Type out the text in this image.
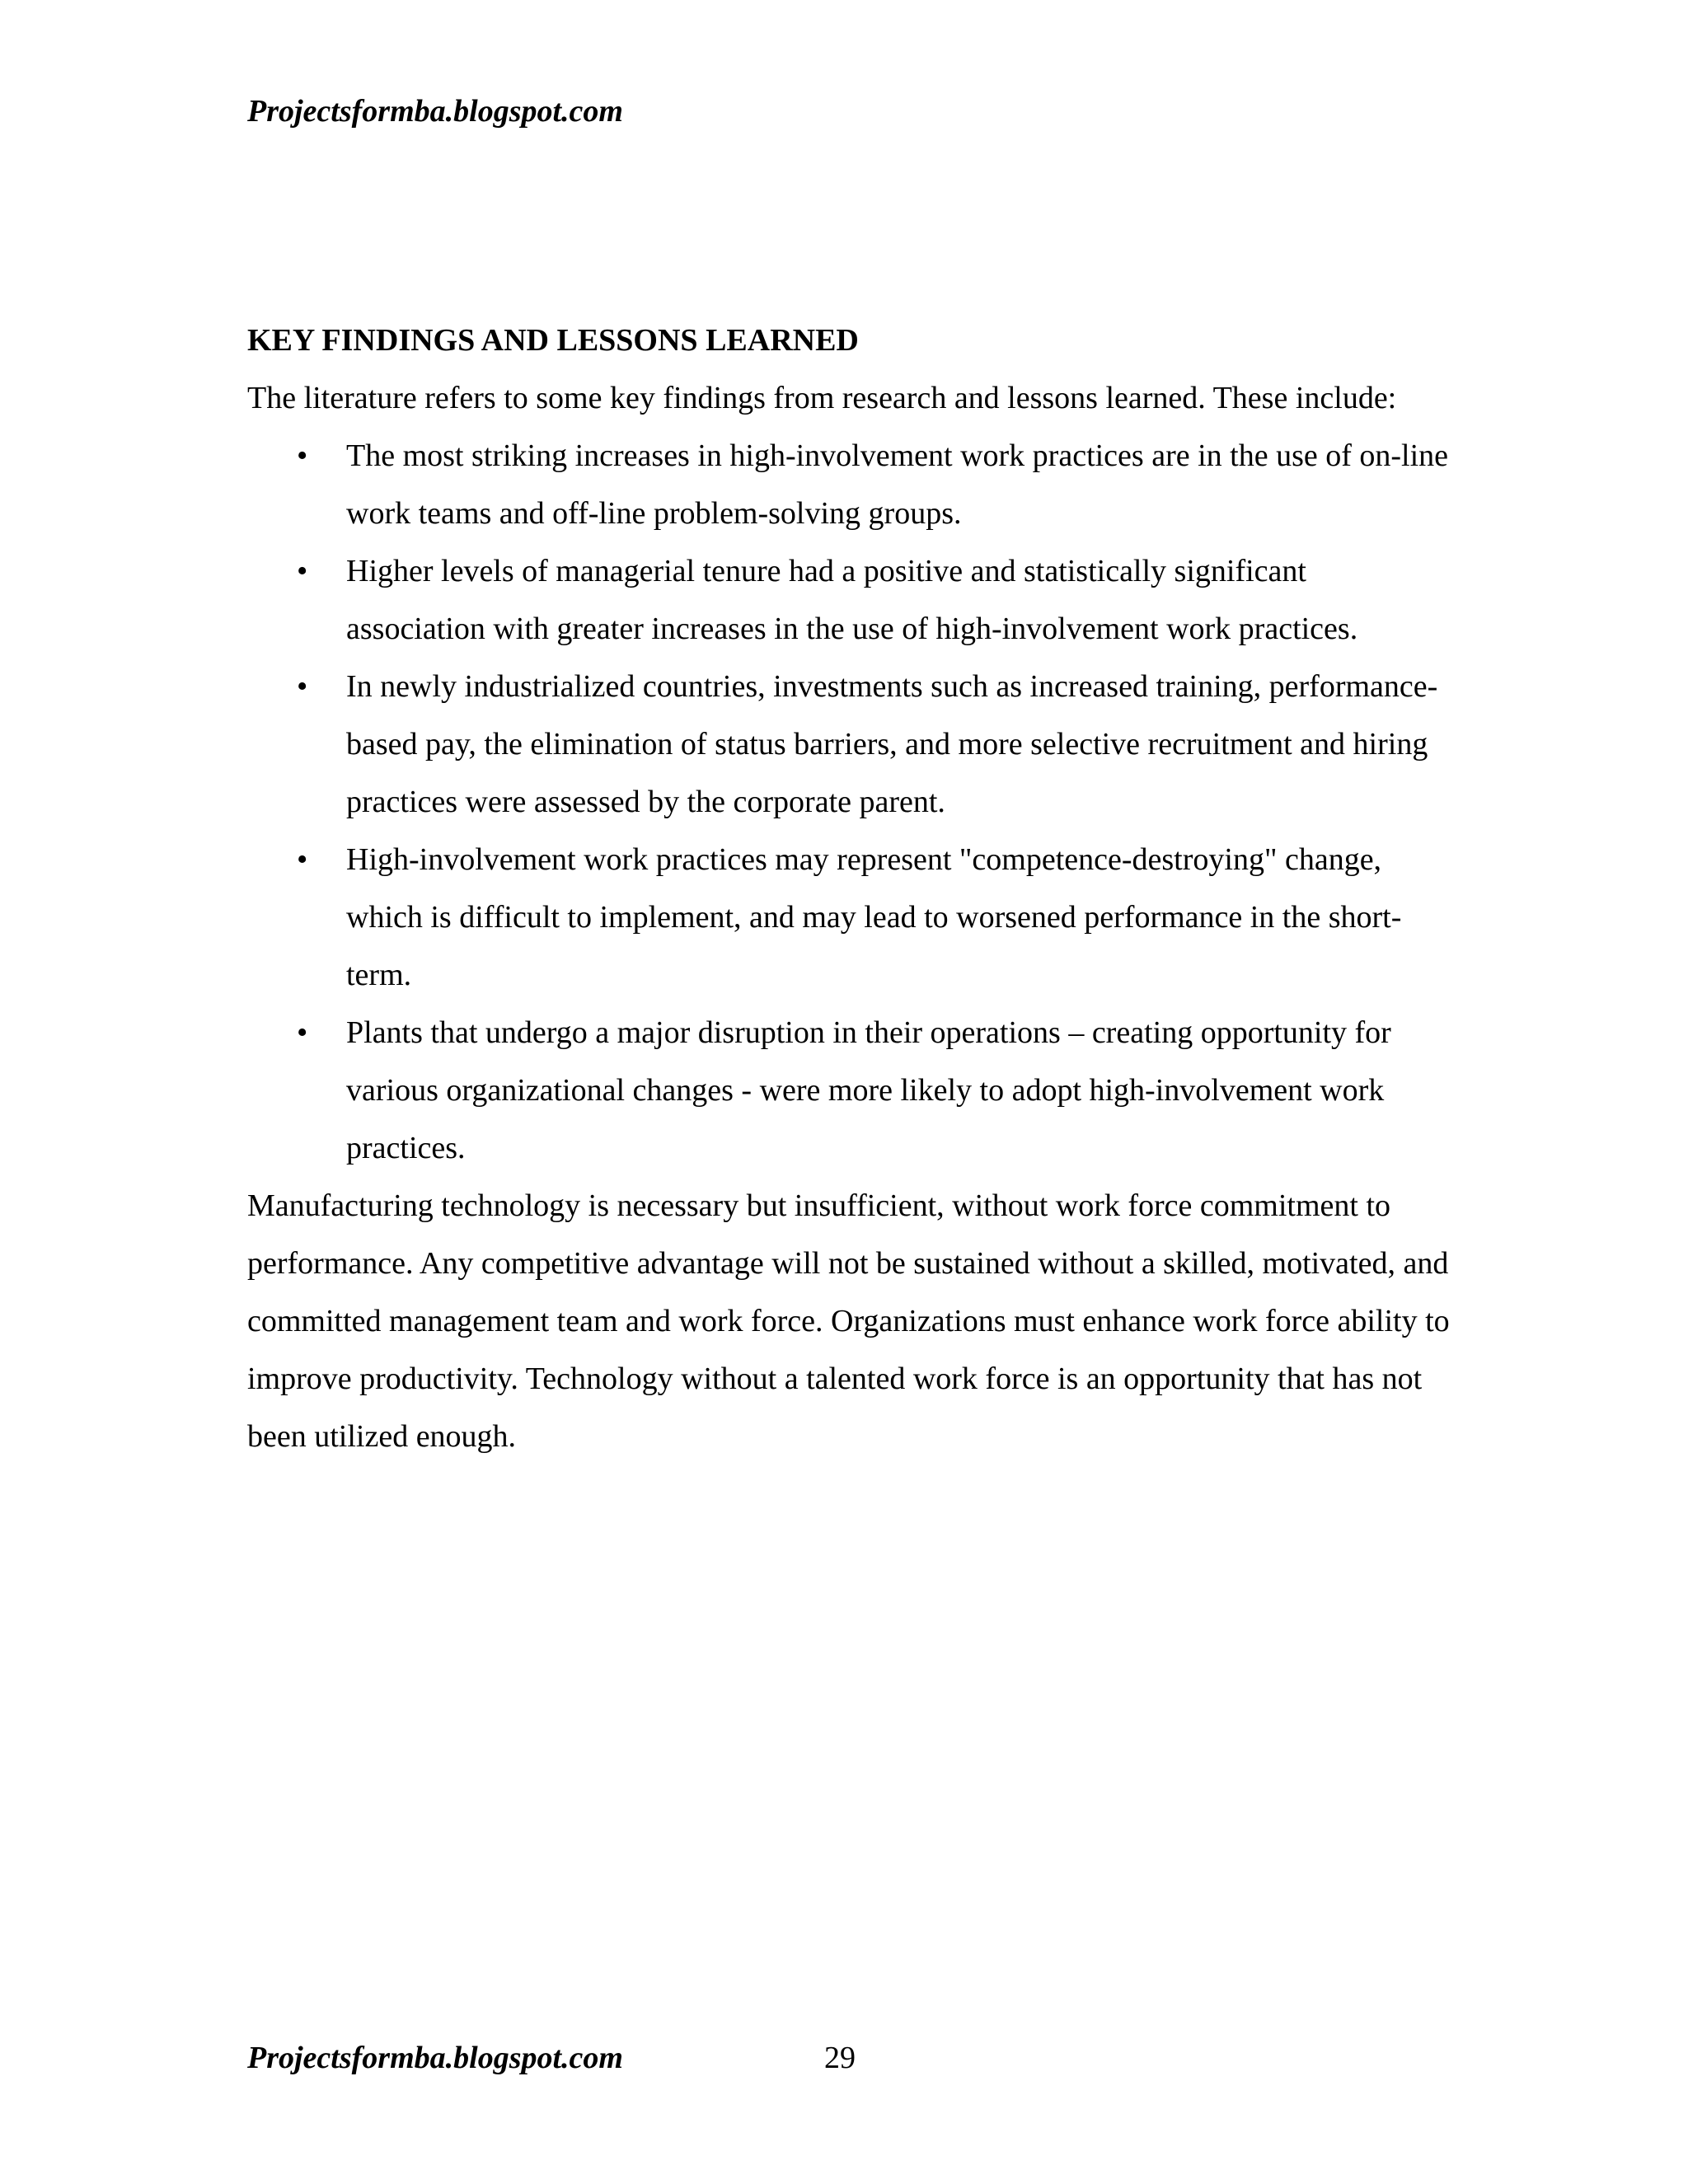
Projectsformba.blogspot.com

KEY FINDINGS AND LESSONS LEARNED

The literature refers to some key findings from research and lessons learned. These include:

• The most striking increases in high-involvement work practices are in the use of on-line work teams and off-line problem-solving groups.
• Higher levels of managerial tenure had a positive and statistically significant association with greater increases in the use of high-involvement work practices.
• In newly industrialized countries, investments such as increased training, performance-based pay, the elimination of status barriers, and more selective recruitment and hiring practices were assessed by the corporate parent.
• High-involvement work practices may represent "competence-destroying" change, which is difficult to implement, and may lead to worsened performance in the short-term.
• Plants that undergo a major disruption in their operations – creating opportunity for various organizational changes - were more likely to adopt high-involvement work practices.

Manufacturing technology is necessary but insufficient, without work force commitment to performance. Any competitive advantage will not be sustained without a skilled, motivated, and committed management team and work force. Organizations must enhance work force ability to improve productivity. Technology without a talented work force is an opportunity that has not been utilized enough.

Projectsformba.blogspot.com	29
